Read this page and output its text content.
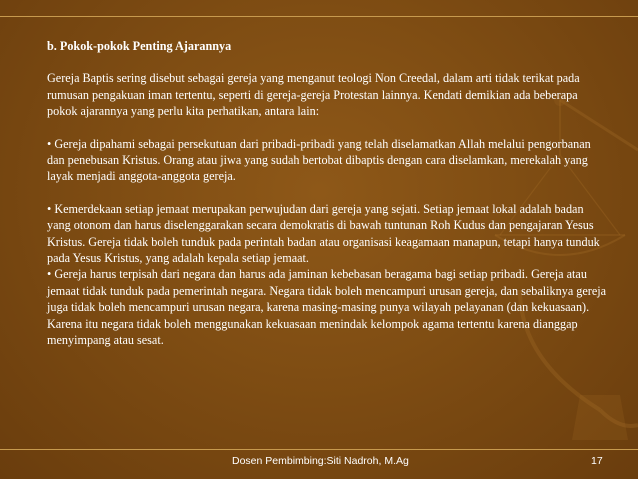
b. Pokok-pokok Penting Ajarannya

Gereja Baptis sering disebut sebagai gereja yang menganut teologi Non Creedal, dalam arti tidak terikat pada rumusan pengakuan iman tertentu, seperti di gereja-gereja Protestan lainnya. Kendati demikian ada beberapa pokok ajarannya yang perlu kita perhatikan, antara lain:

• Gereja dipahami sebagai persekutuan dari pribadi-pribadi yang telah diselamatkan Allah melalui pengorbanan dan penebusan Kristus. Orang atau jiwa yang sudah bertobat dibaptis dengan cara diselamkan, merekalah yang layak menjadi anggota-anggota gereja.

• Kemerdekaan setiap jemaat merupakan perwujudan dari gereja yang sejati. Setiap jemaat lokal adalah badan yang otonom dan harus diselenggarakan secara demokratis di bawah tuntunan Roh Kudus dan pengajaran Yesus Kristus. Gereja tidak boleh tunduk pada perintah badan atau organisasi keagamaan manapun, tetapi hanya tunduk pada Yesus Kristus, yang adalah kepala setiap jemaat.

• Gereja harus terpisah dari negara dan harus ada jaminan kebebasan beragama bagi setiap pribadi. Gereja atau jemaat tidak tunduk pada pemerintah negara. Negara tidak boleh mencampuri urusan gereja, dan sebaliknya gereja juga tidak boleh mencampuri urusan negara, karena masing-masing punya wilayah pelayanan (dan kekuasaan). Karena itu negara tidak boleh menggunakan kekuasaan menindak kelompok agama tertentu karena dianggap menyimpang atau sesat.

Dosen Pembimbing:Siti Nadroh, M.Ag	17
